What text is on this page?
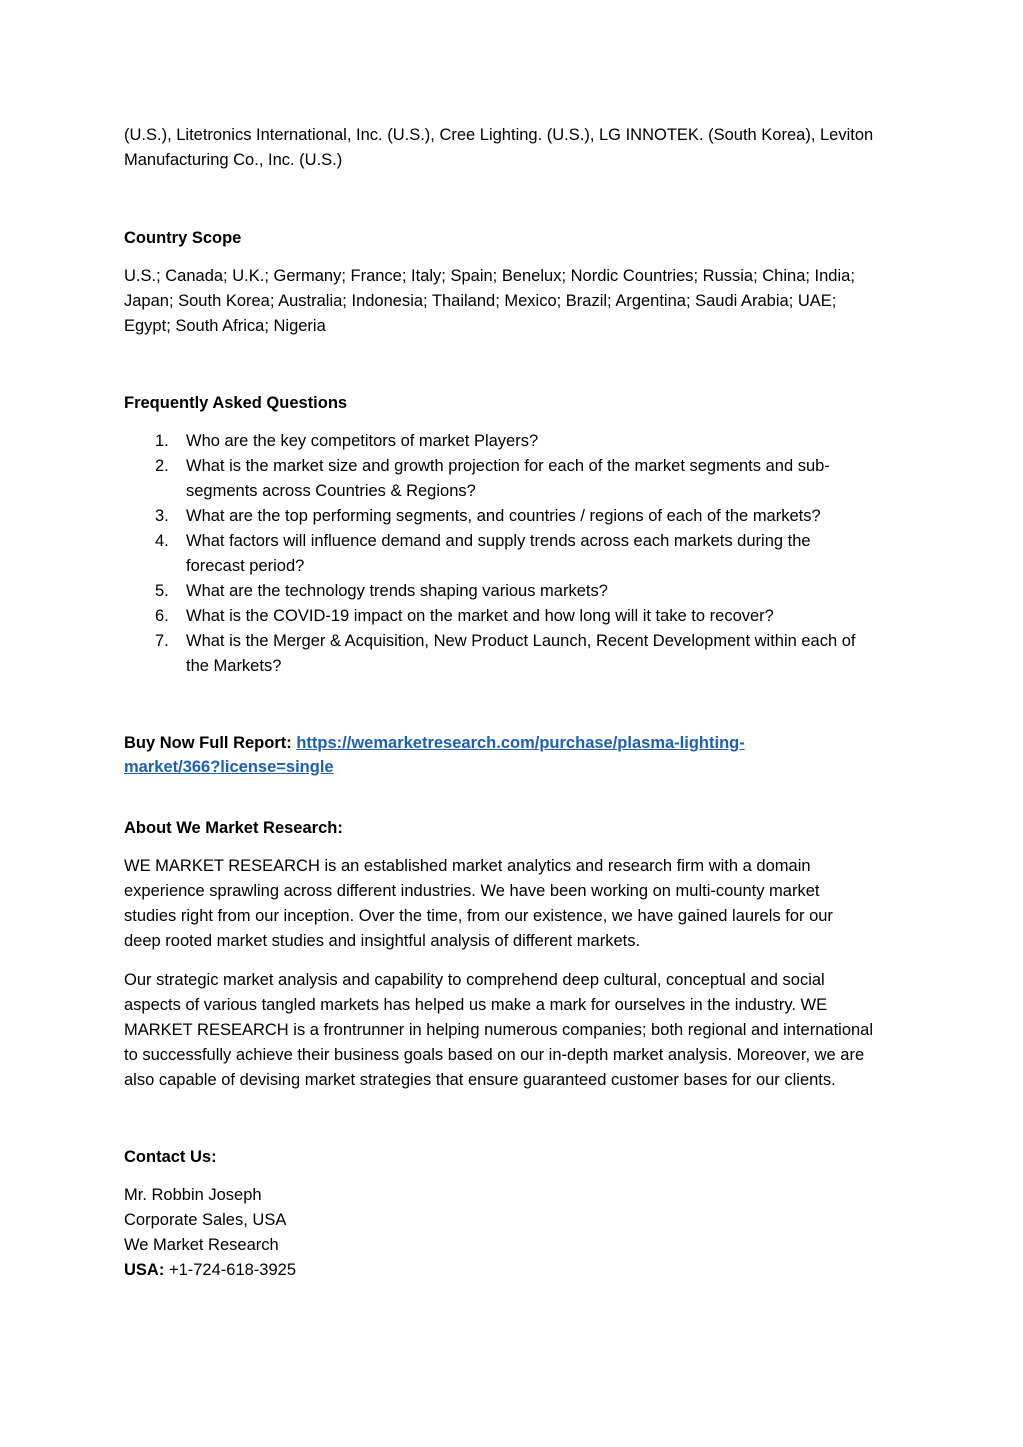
(U.S.), Litetronics International, Inc. (U.S.), Cree Lighting. (U.S.), LG INNOTEK. (South Korea), Leviton
Manufacturing Co., Inc. (U.S.)

Country Scope

U.S.; Canada; U.K.; Germany; France; Italy; Spain; Benelux; Nordic Countries; Russia; China; India;
Japan; South Korea; Australia; Indonesia; Thailand; Mexico; Brazil; Argentina; Saudi Arabia; UAE;
Egypt; South Africa; Nigeria

Frequently Asked Questions

1. Who are the key competitors of market Players?
2. What is the market size and growth projection for each of the market segments and sub-
segments across Countries & Regions?
3. What are the top performing segments, and countries / regions of each of the markets?
4. What factors will influence demand and supply trends across each markets during the
forecast period?
5. What are the technology trends shaping various markets?
6. What is the COVID-19 impact on the market and how long will it take to recover?
7. What is the Merger & Acquisition, New Product Launch, Recent Development within each of
the Markets?

Buy Now Full Report: https://wemarketresearch.com/purchase/plasma-lighting-
market/366?license=single

About We Market Research:

WE MARKET RESEARCH is an established market analytics and research firm with a domain
experience sprawling across different industries. We have been working on multi-county market
studies right from our inception. Over the time, from our existence, we have gained laurels for our
deep rooted market studies and insightful analysis of different markets.

Our strategic market analysis and capability to comprehend deep cultural, conceptual and social
aspects of various tangled markets has helped us make a mark for ourselves in the industry. WE
MARKET RESEARCH is a frontrunner in helping numerous companies; both regional and international
to successfully achieve their business goals based on our in-depth market analysis. Moreover, we are
also capable of devising market strategies that ensure guaranteed customer bases for our clients.

Contact Us:

Mr. Robbin Joseph
Corporate Sales, USA
We Market Research
USA: +1-724-618-3925
